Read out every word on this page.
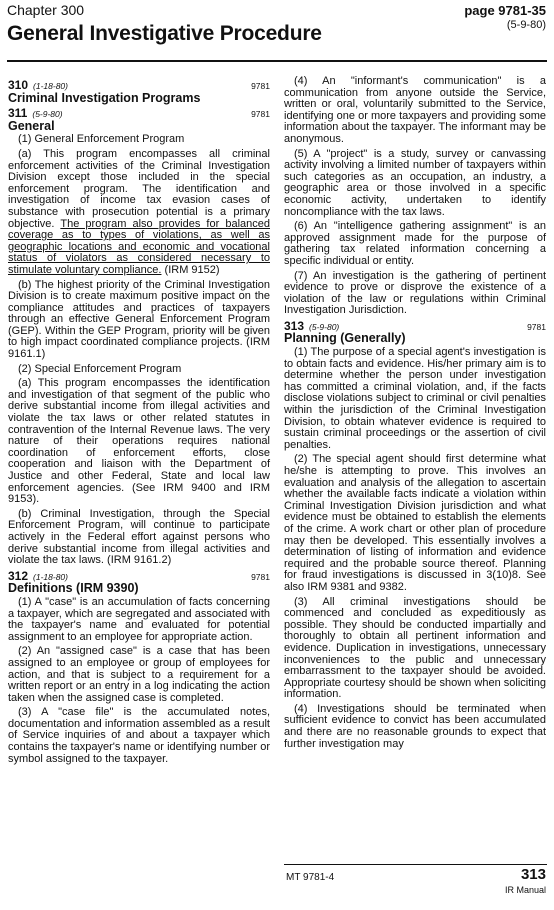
Chapter 300	page 9781-35
(5-9-80)
General Investigative Procedure
310 (1-18-80)	9781
Criminal Investigation Programs
311 (5-9-80)	9781
General

(1) General Enforcement Program

(a) This program encompasses all criminal enforcement activities of the Criminal Investigation Division except those included in the special enforcement program. The identification and investigation of income tax evasion cases of substance with prosecution potential is a primary objective. The program also provides for balanced coverage as to types of violations, as well as geographic locations and economic and vocational status of violators as considered necessary to stimulate voluntary compliance. (IRM 9152)

(b) The highest priority of the Criminal Investigation Division is to create maximum positive impact on the compliance attitudes and practices of taxpayers through an effective General Enforcement Program (GEP). Within the GEP Program, priority will be given to high impact coordinated compliance projects. (IRM 9161.1)

(2) Special Enforcement Program

(a) This program encompasses the identification and investigation of that segment of the public who derive substantial income from illegal activities and violate the tax laws or other related statutes in contravention of the Internal Revenue laws. The very nature of their operations requires national coordination of enforcement efforts, close cooperation and liaison with the Department of Justice and other Federal, State and local law enforcement agencies. (See IRM 9400 and IRM 9153).

(b) Criminal Investigation, through the Special Enforcement Program, will continue to participate actively in the Federal effort against persons who derive substantial income from illegal activities and violate the tax laws. (IRM 9161.2)

312 (1-18-80)	9781
Definitions (IRM 9390)

(1) A "case" is an accumulation of facts concerning a taxpayer, which are segregated and associated with the taxpayer's name and evaluated for potential assignment to an employee for appropriate action.

(2) An "assigned case" is a case that has been assigned to an employee or group of employees for action, and that is subject to a requirement for a written report or an entry in a log indicating the action taken when the assigned case is completed.

(3) A "case file" is the accumulated notes, documentation and information assembled as a result of Service inquiries of and about a taxpayer which contains the taxpayer's name or identifying number or symbol assigned to the taxpayer.

(4) An "informant's communication" is a communication from anyone outside the Service, written or oral, voluntarily submitted to the Service, identifying one or more taxpayers and providing some information about the taxpayer. The informant may be anonymous.

(5) A "project" is a study, survey or canvassing activity involving a limited number of taxpayers within such categories as an occupation, an industry, a geographic area or those involved in a specific economic activity, undertaken to identify noncompliance with the tax laws.

(6) An "intelligence gathering assignment" is an approved assignment made for the purpose of gathering tax related information concerning a specific individual or entity.

(7) An investigation is the gathering of pertinent evidence to prove or disprove the existence of a violation of the law or regulations within Criminal Investigation Jurisdiction.

313 (5-9-80)	9781
Planning (Generally)

(1) The purpose of a special agent's investigation is to obtain facts and evidence. His/her primary aim is to determine whether the person under investigation has committed a criminal violation, and, if the facts disclose violations subject to criminal or civil penalties within the jurisdiction of the Criminal Investigation Division, to obtain whatever evidence is required to sustain criminal proceedings or the assertion of civil penalties.

(2) The special agent should first determine what he/she is attempting to prove. This involves an evaluation and analysis of the allegation to ascertain whether the available facts indicate a violation within Criminal Investigation Division jurisdiction and what evidence must be obtained to establish the elements of the crime. A work chart or other plan of procedure may then be developed. This essentially involves a determination of listing of information and evidence required and the probable source thereof. Planning for fraud investigations is discussed in 3(10)8. See also IRM 9381 and 9382.

(3) All criminal investigations should be commenced and concluded as expeditiously as possible. They should be conducted impartially and thoroughly to obtain all pertinent information and evidence. Duplication in investigations, unnecessary inconveniences to the public and unnecessary embarrassment to the taxpayer should be avoided. Appropriate courtesy should be shown when soliciting information.

(4) Investigations should be terminated when sufficient evidence to convict has been accumulated and there are no reasonable grounds to expect that further investigation may

MT 9781-4	313
IR Manual
